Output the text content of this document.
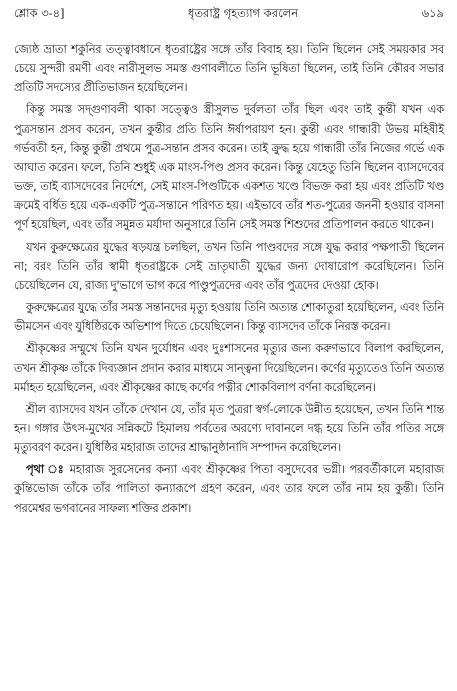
শ্লোক ৩-৪]	ধৃতরাষ্ট্র গৃহত্যাগ করলেন	৬১৯

জ্যেষ্ঠ ভ্রাতা শকুনির তত্ত্বাবধানে ধৃতরাষ্ট্রের সঙ্গে তাঁর বিবাহ হয়। তিনি ছিলেন সেই সময়কার সব চেয়ে সুন্দরী রমণী এবং নারীসুলভ সমস্ত গুণাবলীতে তিনি ভূষিতা ছিলেন, তাই তিনি কৌরব সভার প্রতিটি সদস্যের প্রীতিভাজন হয়েছিলেন।

কিন্তু সমস্ত সদ্‌গুণাবলী থাকা সত্ত্বেও স্ত্রীসুলভ দুর্বলতা তাঁর ছিল এবং তাই কুন্তী যখন এক পুত্রসন্তান প্রসব করেন, তখন কুন্তীর প্রতি তিনি ঈর্ষাপরায়ণ হন। কুন্তী এবং গান্ধারী উভয় মহিষীই গর্ভবতী হন, কিন্তু কুন্তী প্রথমে পুত্র-সন্তান প্রসব করেন। তাই ক্রুদ্ধ হয়ে গান্ধারী তাঁর নিজের গর্ভে এক আঘাত করেন। ফলে, তিনি শুধুই এক মাংস-পিণ্ড প্রসব করেন। কিন্তু যেহেতু তিনি ছিলেন ব্যাসদেবের ভক্ত, তাই ব্যাসদেবের নির্দেশে, সেই মাংস-পিণ্ডটিকে একশত খণ্ডে বিভক্ত করা হয় এবং প্রতিটি খণ্ড ক্রমেই বর্ধিত হয়ে এক-একটি পুত্র-সন্তানে পরিণত হয়। এইভাবে তাঁর শত-পুত্রের জননী হওয়ার বাসনা পূর্ণ হয়েছিল, এবং তাঁর সমুন্নত মর্যাদা অনুসারে তিনি সেই সমস্ত শিশুদের প্রতিপালন করতে থাকেন।

যখন কুরুক্ষেত্রের যুদ্ধের ষড়যন্ত্র চলছিল, তখন তিনি পাণ্ডবদের সঙ্গে যুদ্ধ করার পক্ষপাতী ছিলেন না; বরং তিনি তাঁর স্বামী ধৃতরাষ্ট্রকে সেই ভ্রাতৃঘাতী যুদ্ধের জন্য দোষারোপ করেছিলেন। তিনি চেয়েছিলেন যে, রাজ্য দু'ভাগে ভাগ করে পাণ্ডুপুত্রদের এবং তাঁর পুত্রদের দেওয়া হোক।

কুরুক্ষেত্রের যুদ্ধে তাঁর সমস্ত সন্তানদের মৃত্যু হওয়ায় তিনি অত্যন্ত শোকাতুরা হয়েছিলেন, এবং তিনি ভীমসেন এবং যুধিষ্ঠিরকে অভিশাপ দিতে চেয়েছিলেন। কিন্তু ব্যাসদেব তাঁকে নিরস্ত করেন।

শ্রীকৃষ্ণের সম্মুখে তিনি যখন দুর্যোধন এবং দুঃশাসনের মৃত্যুর জন্য করুণভাবে বিলাপ করছিলেন, তখন শ্রীকৃষ্ণ তাঁকে দিব্যজ্ঞান প্রদান করার মাধ্যমে সান্ত্বনা দিয়েছিলেন। কর্ণের মৃত্যুতেও তিনি অত্যন্ত মর্মাহত হয়েছিলেন, এবং শ্রীকৃষ্ণের কাছে কর্ণের পত্নীর শোকবিলাপ বর্ণনা করেছিলেন।

শ্রীল ব্যাসদেব যখন তাঁকে দেখান যে, তাঁর মৃত পুত্ররা স্বর্গ-লোকে উন্নীত হয়েছেন, তখন তিনি শান্ত হন। গঙ্গার উৎস-মুখের সন্নিকটে হিমালয় পর্বতের অরণ্যে দাবানলে দগ্ধ হয়ে তিনি তাঁর পতির সঙ্গে মৃত্যুবরণ করেন। যুধিষ্ঠির মহারাজ তাদের শ্রাদ্ধানুষ্ঠানাদি সম্পাদন করেছিলেন।

পৃথা ঃ মহারাজ সুরসেনের কন্যা এবং শ্রীকৃষ্ণের পিতা বসুদেবের ভগ্নী। পরবর্তীকালে মহারাজ কুন্তিভোজ তাঁকে তাঁর পালিতা কন্যারূপে গ্রহণ করেন, এবং তার ফলে তাঁর নাম হয় কুন্তী। তিনি পরমেশ্বর ভগবানের সাফল্য শক্তির প্রকাশ।
